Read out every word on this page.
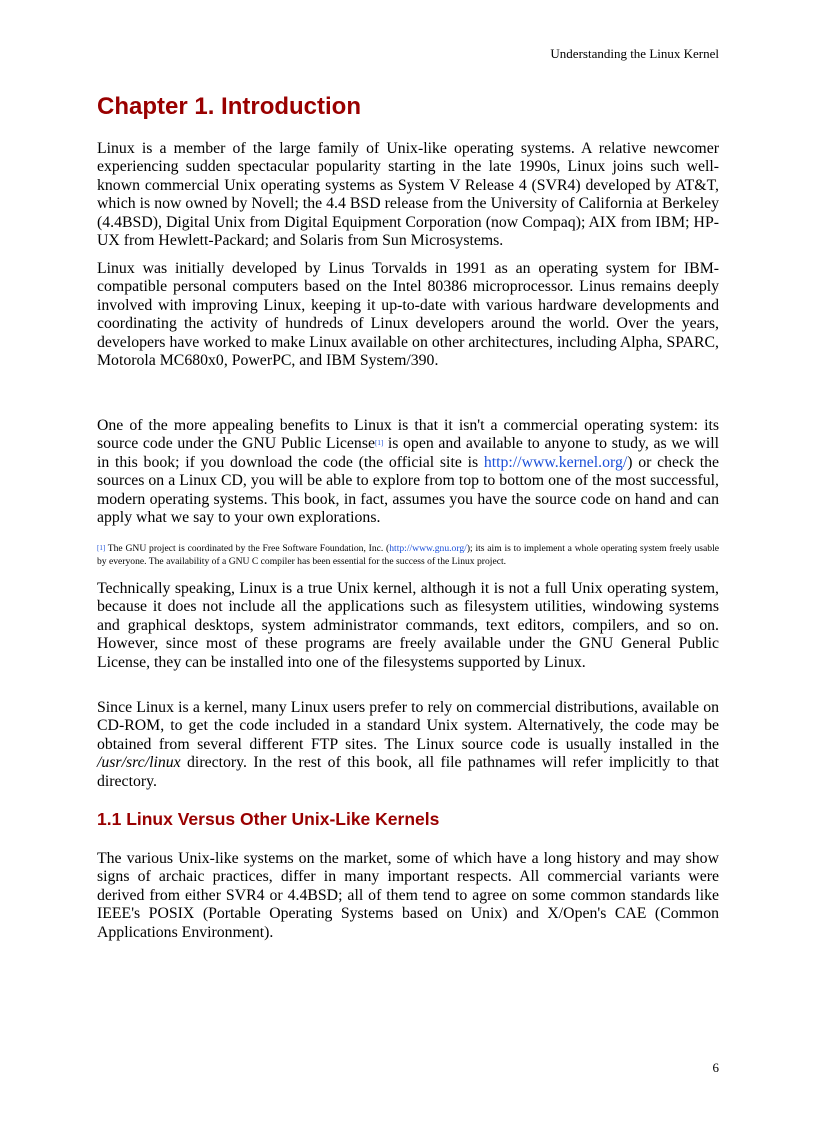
Understanding the Linux Kernel
Chapter 1. Introduction

Linux is a member of the large family of Unix-like operating systems. A relative newcomer experiencing sudden spectacular popularity starting in the late 1990s, Linux joins such well-known commercial Unix operating systems as System V Release 4 (SVR4) developed by AT&T, which is now owned by Novell; the 4.4 BSD release from the University of California at Berkeley (4.4BSD), Digital Unix from Digital Equipment Corporation (now Compaq); AIX from IBM; HP-UX from Hewlett-Packard; and Solaris from Sun Microsystems.

Linux was initially developed by Linus Torvalds in 1991 as an operating system for IBM-compatible personal computers based on the Intel 80386 microprocessor. Linus remains deeply involved with improving Linux, keeping it up-to-date with various hardware developments and coordinating the activity of hundreds of Linux developers around the world. Over the years, developers have worked to make Linux available on other architectures, including Alpha, SPARC, Motorola MC680x0, PowerPC, and IBM System/390.

One of the more appealing benefits to Linux is that it isn't a commercial operating system: its source code under the GNU Public License[1] is open and available to anyone to study, as we will in this book; if you download the code (the official site is http://www.kernel.org/) or check the sources on a Linux CD, you will be able to explore from top to bottom one of the most successful, modern operating systems. This book, in fact, assumes you have the source code on hand and can apply what we say to your own explorations.

[1] The GNU project is coordinated by the Free Software Foundation, Inc. (http://www.gnu.org/); its aim is to implement a whole operating system freely usable by everyone. The availability of a GNU C compiler has been essential for the success of the Linux project.

Technically speaking, Linux is a true Unix kernel, although it is not a full Unix operating system, because it does not include all the applications such as filesystem utilities, windowing systems and graphical desktops, system administrator commands, text editors, compilers, and so on. However, since most of these programs are freely available under the GNU General Public License, they can be installed into one of the filesystems supported by Linux.

Since Linux is a kernel, many Linux users prefer to rely on commercial distributions, available on CD-ROM, to get the code included in a standard Unix system. Alternatively, the code may be obtained from several different FTP sites. The Linux source code is usually installed in the /usr/src/linux directory. In the rest of this book, all file pathnames will refer implicitly to that directory.

1.1 Linux Versus Other Unix-Like Kernels

The various Unix-like systems on the market, some of which have a long history and may show signs of archaic practices, differ in many important respects. All commercial variants were derived from either SVR4 or 4.4BSD; all of them tend to agree on some common standards like IEEE's POSIX (Portable Operating Systems based on Unix) and X/Open's CAE (Common Applications Environment).

6
